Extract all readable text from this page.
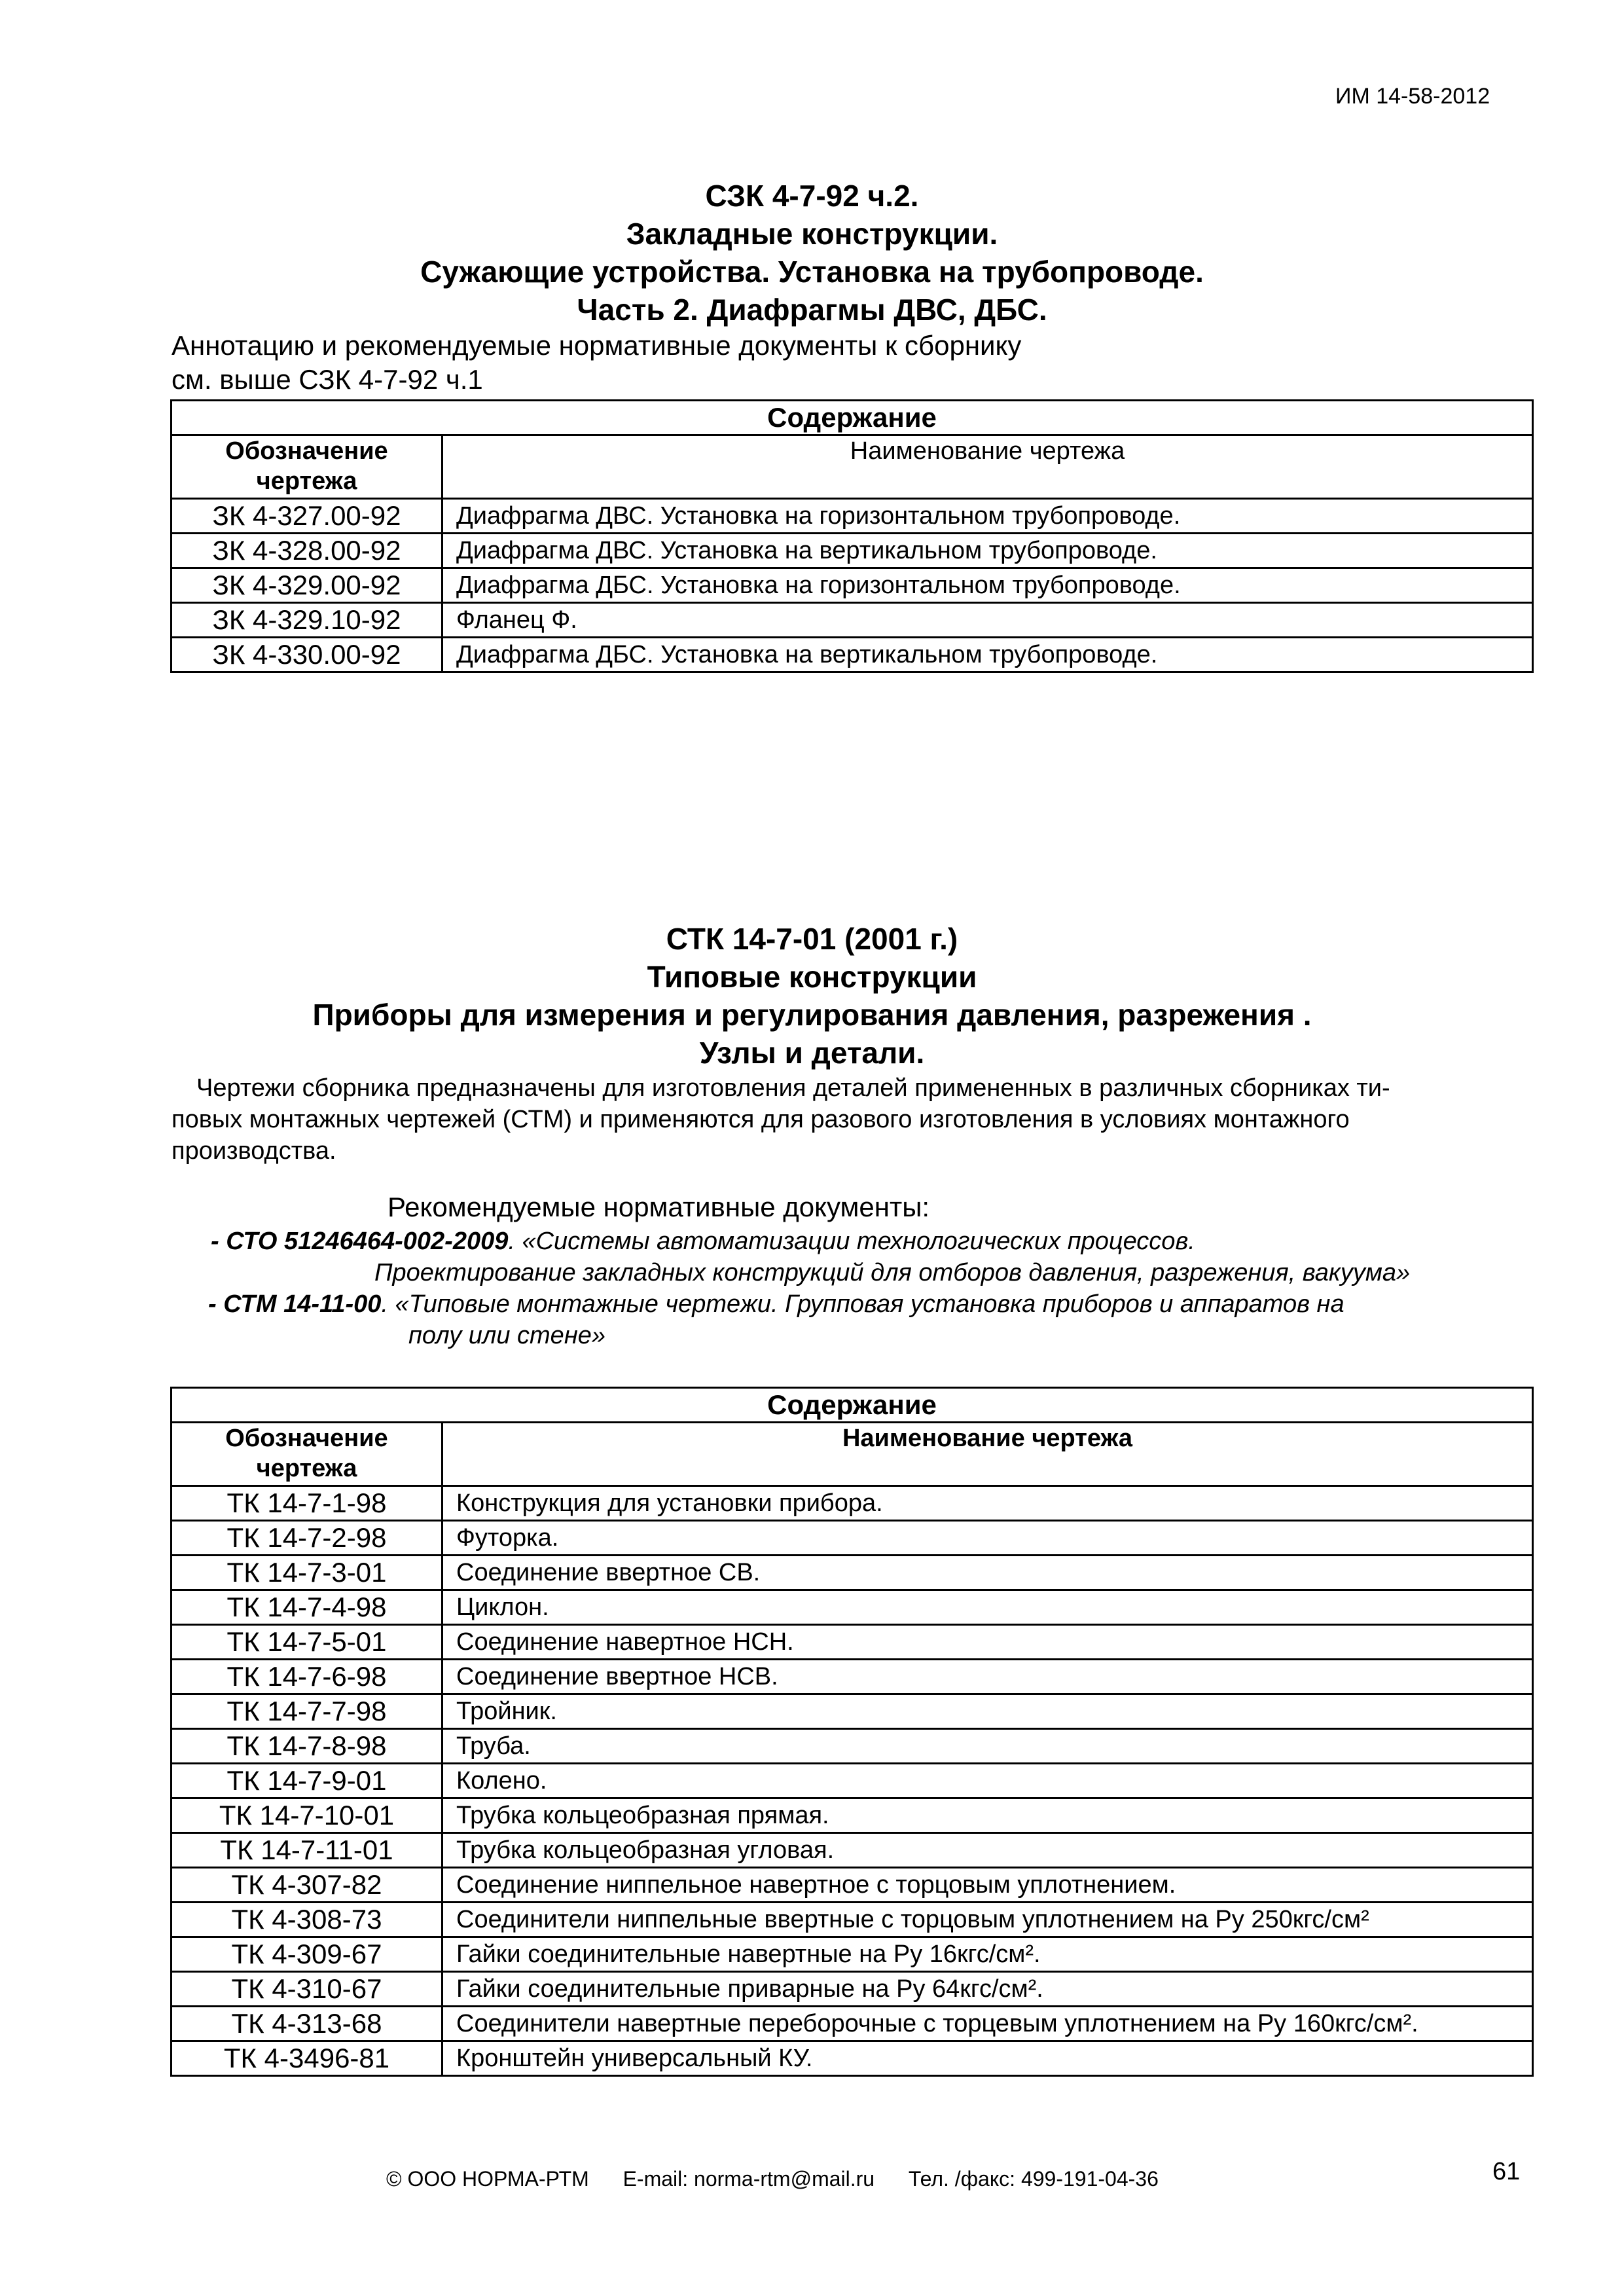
ИМ 14-58-2012
СЗК 4-7-92 ч.2.
Закладные конструкции.
Сужающие устройства. Установка на трубопроводе.
Часть 2. Диафрагмы ДВС, ДБС.
Аннотацию и рекомендуемые нормативные документы к сборнику
см. выше СЗК 4-7-92 ч.1
Содержание	
Обозначение чертежа	Наименование чертежа
ЗК 4-327.00-92	Диафрагма ДВС. Установка на горизонтальном трубопроводе.
ЗК 4-328.00-92	Диафрагма ДВС. Установка на вертикальном трубопроводе.
ЗК 4-329.00-92	Диафрагма ДБС. Установка на горизонтальном трубопроводе.
ЗК 4-329.10-92	Фланец Ф.
ЗК 4-330.00-92	Диафрагма ДБС. Установка на вертикальном трубопроводе.
СТК 14-7-01 (2001 г.)
Типовые конструкции
Приборы для измерения и регулирования давления, разрежения .
Узлы и детали.
Чертежи сборника предназначены для изготовления деталей примененных в различных сборниках ти-
повых монтажных чертежей (СТМ) и применяются для разового изготовления в условиях монтажного
производства.
Рекомендуемые нормативные документы:
- СТО 51246464-002-2009. «Системы автоматизации технологических процессов.
Проектирование закладных конструкций для отборов давления, разрежения, вакуума»
- СТМ 14-11-00. «Типовые монтажные чертежи. Групповая установка приборов и аппаратов на
полу или стене»
Содержание	
Обозначение чертежа	Наименование чертежа
ТК 14-7-1-98	Конструкция для установки прибора.
ТК 14-7-2-98	Футорка.
ТК 14-7-3-01	Соединение ввертное СВ.
ТК 14-7-4-98	Циклон.
ТК 14-7-5-01	Соединение навертное НСН.
ТК 14-7-6-98	Соединение ввертное НСВ.
ТК 14-7-7-98	Тройник.
ТК 14-7-8-98	Труба.
ТК 14-7-9-01	Колено.
ТК 14-7-10-01	Трубка кольцеобразная прямая.
ТК 14-7-11-01	Трубка кольцеобразная угловая.
ТК 4-307-82	Соединение ниппельное навертное с торцовым уплотнением.
ТК 4-308-73	Соединители ниппельные ввертные с торцовым уплотнением на Ру 250кгс/см²
ТК 4-309-67	Гайки соединительные навертные на Ру 16кгс/см².
ТК 4-310-67	Гайки соединительные приварные на Ру 64кгс/см².
ТК 4-313-68	Соединители навертные переборочные с торцевым уплотнением на Ру 160кгс/см².
ТК 4-3496-81	Кронштейн универсальный КУ.
© ООО НОРМА-РТМ E-mail: norma-rtm@mail.ru Тел. /факс: 499-191-04-36	61
